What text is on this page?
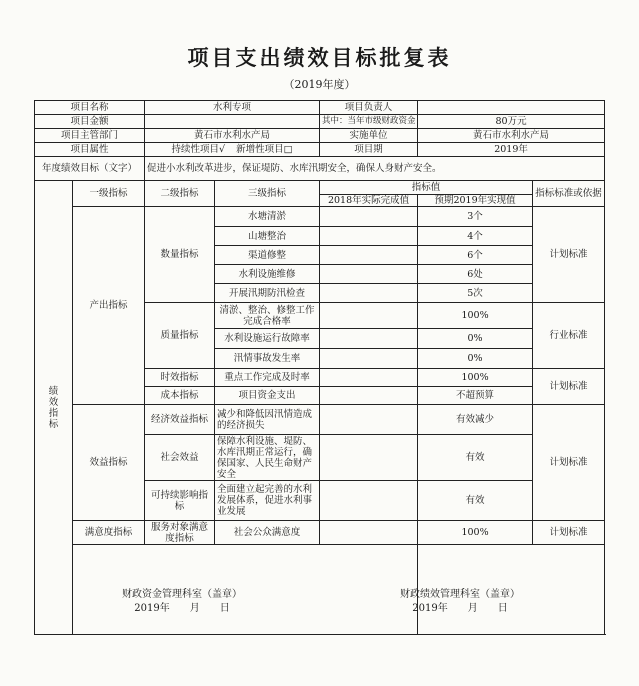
项目支出绩效目标批复表
（2019年度）
项目名称		水利专项		项目负责人		
项目金额				其中：当年市级财政资金	80万元	
项目主管部门		黄石市水利水产局		实施单位	黄石市水利水产局	
项目属性		持续性项目√ 新增性项目□		项目期	2019年	
年度绩效目标（文字）		促进小水利改革进步，保证堤防、水库汛期安全，确保人身财产安全。				
绩效指标	一级指标	二级指标	三级指标	指标值		指标标准或依据
				2018年实际完成值	预期2019年实现值	
	产出指标	数量指标	水塘清淤		3个	计划标准
			山塘整治		4个	
			渠道修整		6个	
			水利设施维修		6处	
			开展汛期防汛检查		5次	
		质量指标	清淤、整治、修整工作完成合格率		100%	行业标准
			水利设施运行故障率		0%	
			汛情事故发生率		0%	
		时效指标	重点工作完成及时率		100%	计划标准
		成本指标	项目资金支出		不超预算	
	效益指标	经济效益指标	减少和降低因汛情造成的经济损失		有效减少	计划标准
		社会效益	保障水利设施、堤防、水库汛期正常运行，确保国家、人民生命财产安全		有效	
		可持续影响指标	全面建立起完善的水利发展体系，促进水利事业发展		有效	
	满意度指标	服务对象满意度指标	社会公众满意度		100%	计划标准

财政资金管理科室（盖章）
2019年　　月　　日
财政绩效管理科室（盖章）
2019年　　月　　日
